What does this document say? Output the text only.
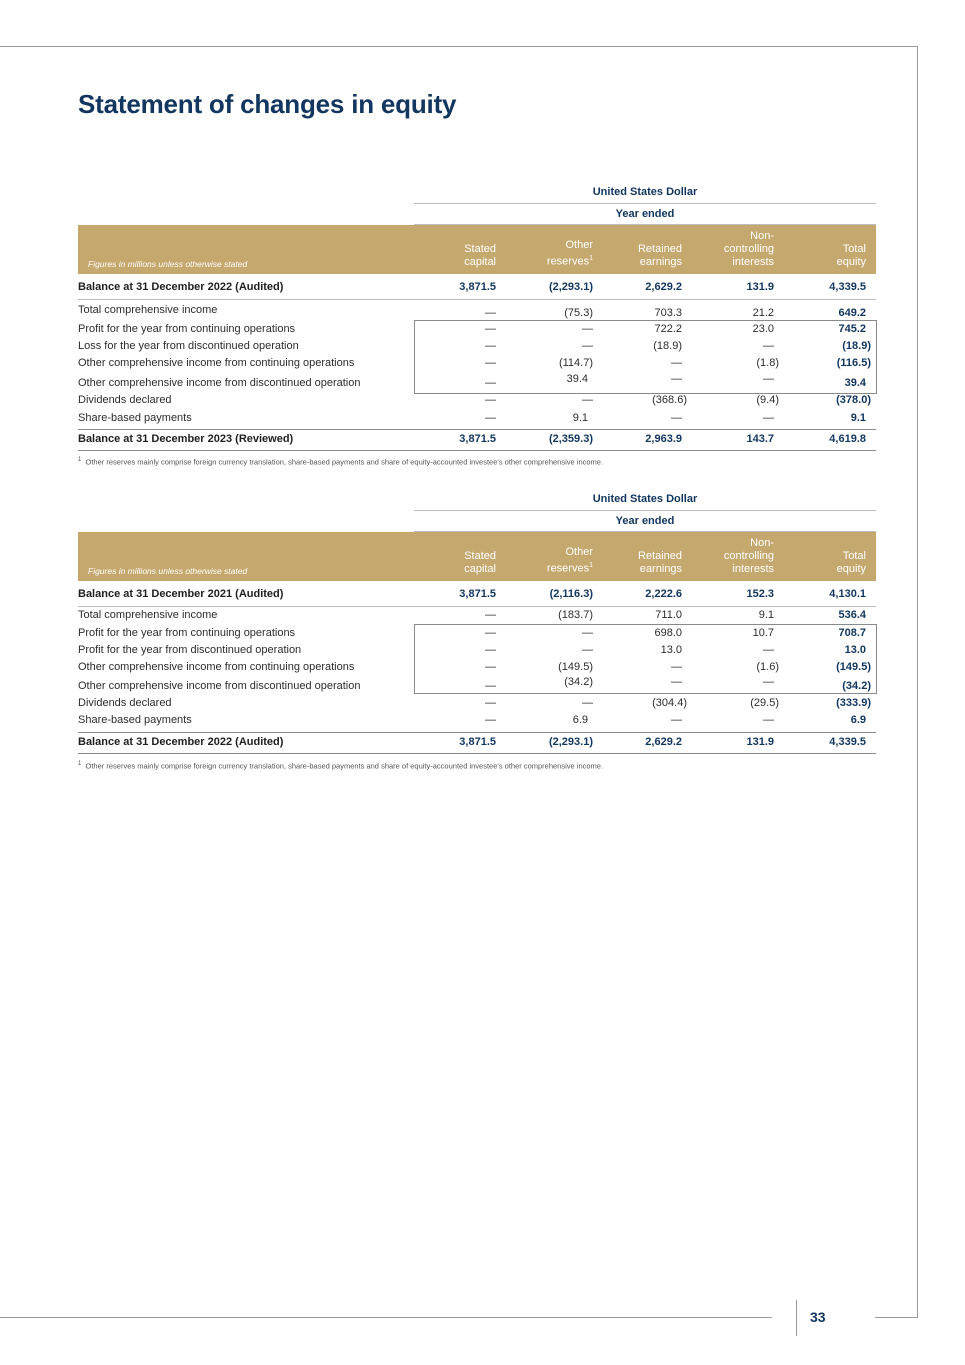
33
Statement of changes in equity
United States Dollar
Year ended
Figures in millions unless otherwise stated
Stated
capital
Other
reserves$^1$
Retained
earnings
Non-
controlling
interests
Total
equity
Balance at 31 December 2022 (Audited)	3,871.5	(2,293.1)	2,629.2	131.9	4,339.5
Total comprehensive income	—	(75.3)	703.3	21.2	649.2
Profit for the year from continuing operations	—	—	722.2	23.0	745.2
Loss for the year from discontinued operation	—	—	(18.9)	—	(18.9)
Other comprehensive income from continuing operations	—	(114.7)	—	(1.8)	(116.5)
Other comprehensive income from discontinued operation	—	39.4	—	—	39.4
Dividends declared	—	—	(368.6)	(9.4)	(378.0)
Share-based payments	—	9.1	—	—	9.1
Balance at 31 December 2023 (Reviewed)	3,871.5	(2,359.3)	2,963.9	143.7	4,619.8
$^1$ Other reserves mainly comprise foreign currency translation, share-based payments and share of equity-accounted investee's other comprehensive income.
United States Dollar
Year ended
Figures in millions unless otherwise stated
Stated
capital
Other
reserves$^1$
Retained
earnings
Non-
controlling
interests
Total
equity
Balance at 31 December 2021 (Audited)	3,871.5	(2,116.3)	2,222.6	152.3	4,130.1
Total comprehensive income	—	(183.7)	711.0	9.1	536.4
Profit for the year from continuing operations	—	—	698.0	10.7	708.7
Profit for the year from discontinued operation	—	—	13.0	—	13.0
Other comprehensive income from continuing operations	—	(149.5)	—	(1.6)	(149.5)
Other comprehensive income from discontinued operation	—	(34.2)	—	—	(34.2)
Dividends declared	—	—	(304.4)	(29.5)	(333.9)
Share-based payments	—	6.9	—	—	6.9
Balance at 31 December 2022 (Audited)	3,871.5	(2,293.1)	2,629.2	131.9	4,339.5
$^1$ Other reserves mainly comprise foreign currency translation, share-based payments and share of equity-accounted investee's other comprehensive income.
